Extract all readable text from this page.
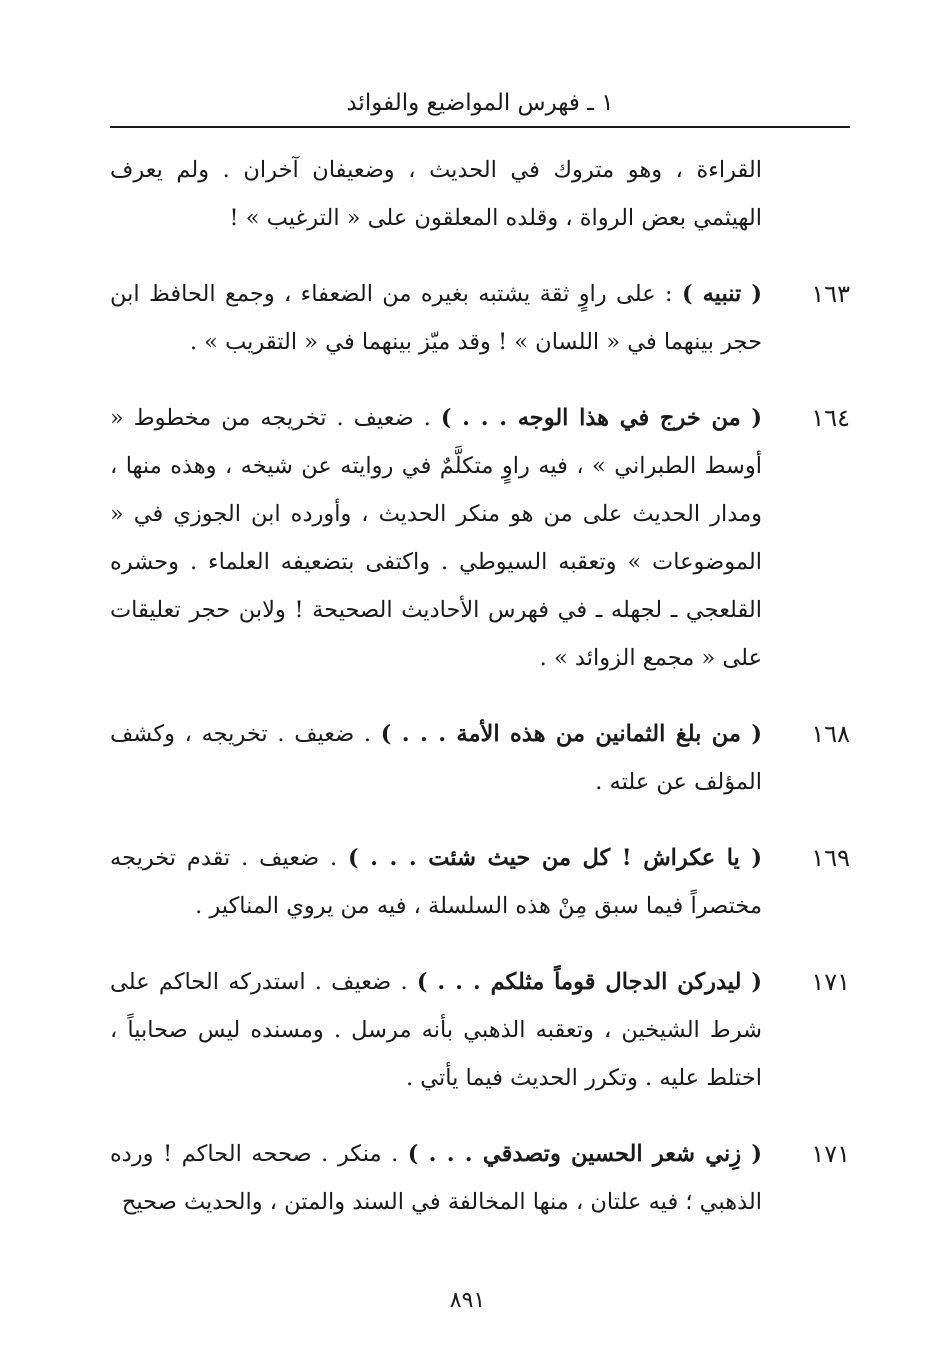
١ ـ فهرس المواضيع والفوائد
القراءة ، وهو متروك في الحديث ، وضعيفان آخران . ولم يعرف الهيثمي بعض الرواة ، وقلده المعلقون على « الترغيب » !
١٦٣
( تنبيه ) : على راوٍ ثقة يشتبه بغيره من الضعفاء ، وجمع الحافظ ابن حجر بينهما في « اللسان » ! وقد ميّز بينهما في « التقريب » .
١٦٤
( من خرج في هذا الوجه . . . ) . ضعيف . تخريجه من مخطوط « أوسط الطبراني » ، فيه راوٍ متكلَّمٌ في روايته عن شيخه ، وهذه منها ، ومدار الحديث على من هو منكر الحديث ، وأورده ابن الجوزي في « الموضوعات » وتعقبه السيوطي . واكتفى بتضعيفه العلماء . وحشره القلعجي ـ لجهله ـ في فهرس الأحاديث الصحيحة ! ولابن حجر تعليقات على « مجمع الزوائد » .
١٦٨
( من بلغ الثمانين من هذه الأمة . . . ) . ضعيف . تخريجه ، وكشف المؤلف عن علته .
١٦٩
( يا عكراش ! كل من حيث شئت . . . ) . ضعيف . تقدم تخريجه مختصراً فيما سبق مِنْ هذه السلسلة ، فيه من يروي المناكير .
١٧١
( ليدركن الدجال قوماً مثلكم . . . ) . ضعيف . استدركه الحاكم على شرط الشيخين ، وتعقبه الذهبي بأنه مرسل . ومسنده ليس صحابياً ، اختلط عليه . وتكرر الحديث فيما يأتي .
١٧١
( زِني شعر الحسين وتصدقي . . . ) . منكر . صححه الحاكم ! ورده الذهبي ؛ فيه علتان ، منها المخالفة في السند والمتن ، والحديث صحيح
٨٩١
